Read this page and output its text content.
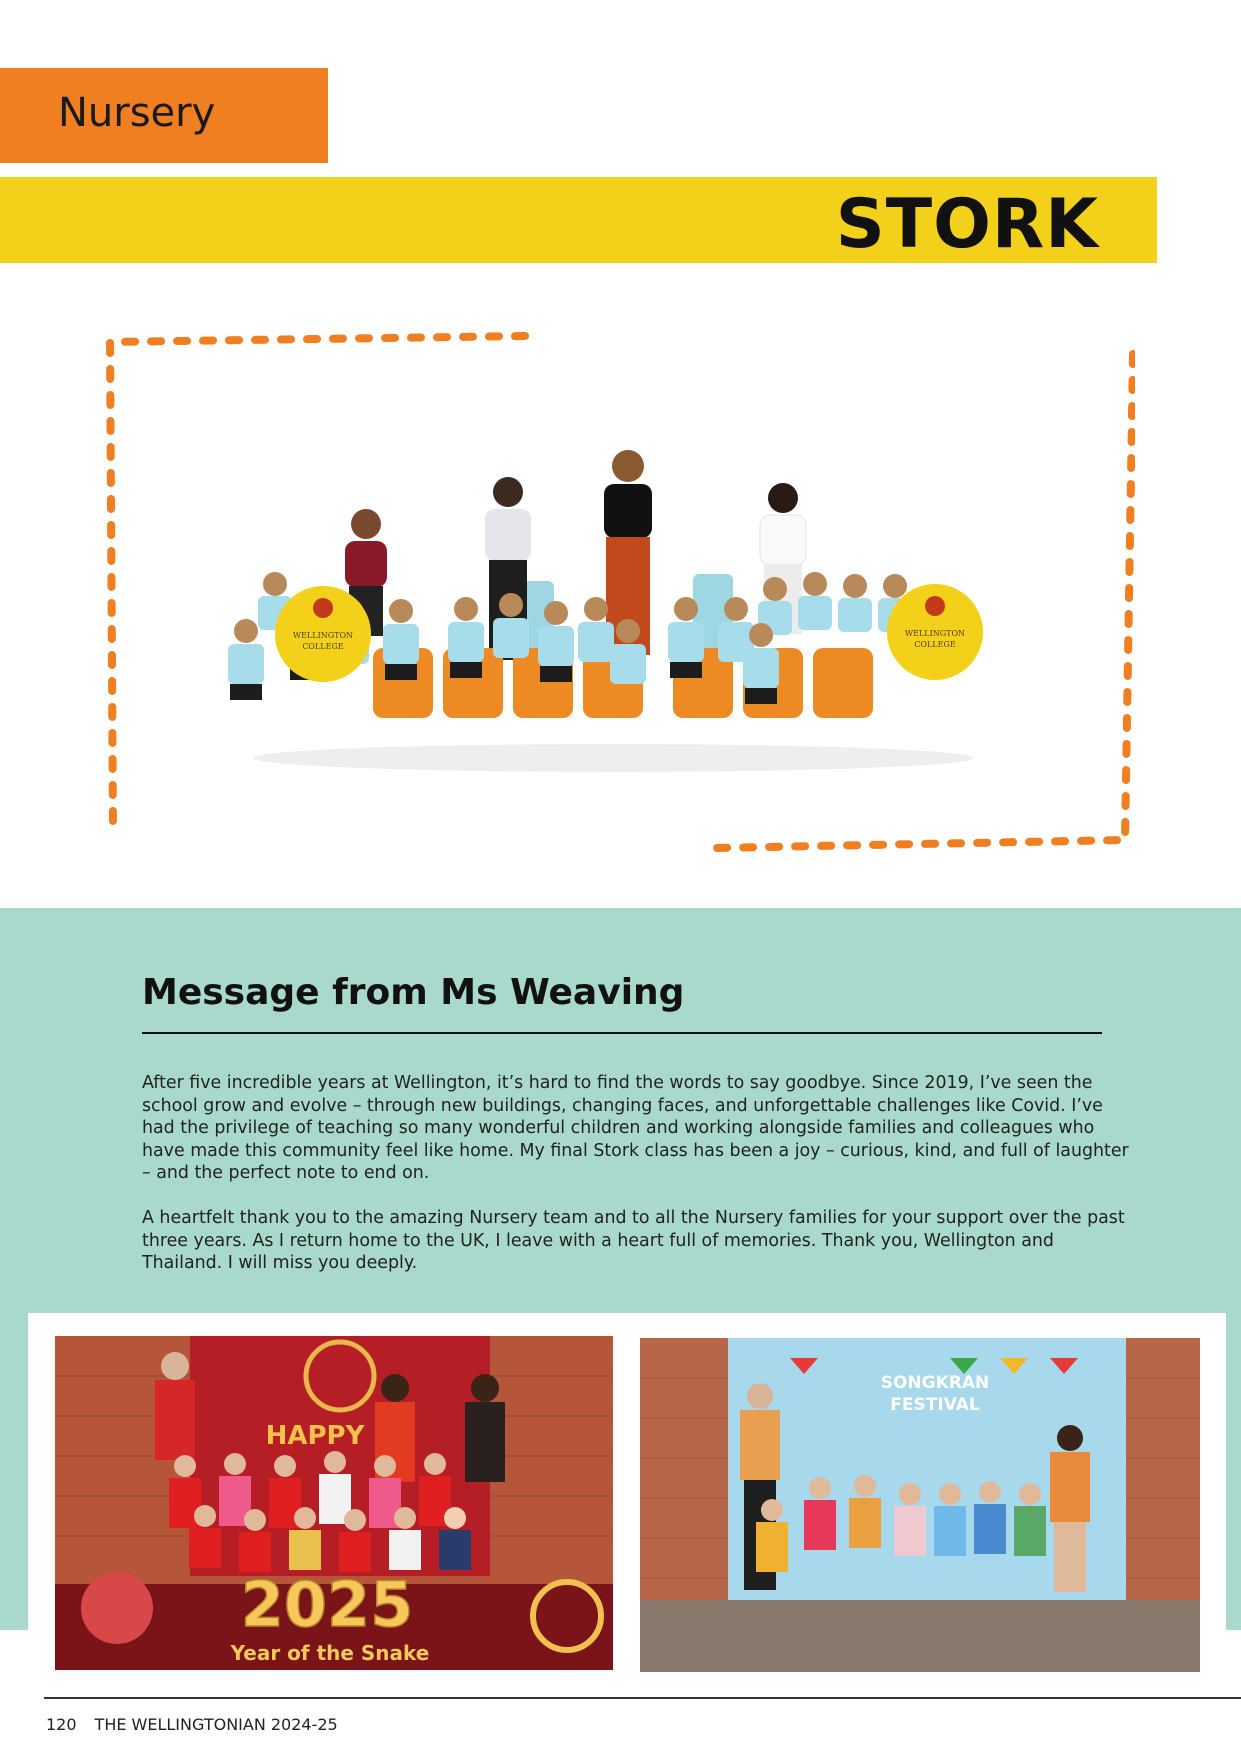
Nursery
STORK
WELLINGTON
COLLEGE
WELLINGTON
COLLEGE
Message from Ms Weaving

After five incredible years at Wellington, it’s hard to find the words to say goodbye. Since 2019, I’ve seen the school grow and evolve – through new buildings, changing faces, and unforgettable challenges like Covid. I’ve had the privilege of teaching so many wonderful children and working alongside families and colleagues who have made this community feel like home. My final Stork class has been a joy – curious, kind, and full of laughter – and the perfect note to end on.

A heartfelt thank you to the amazing Nursery team and to all the Nursery families for your support over the past three years. As I return home to the UK, I leave with a heart full of memories. Thank you, Wellington and Thailand. I will miss you deeply.

HAPPY
2025
Year of the Snake
SONGKRAN
FESTIVAL
120 THE WELLINGTONIAN 2024-25
